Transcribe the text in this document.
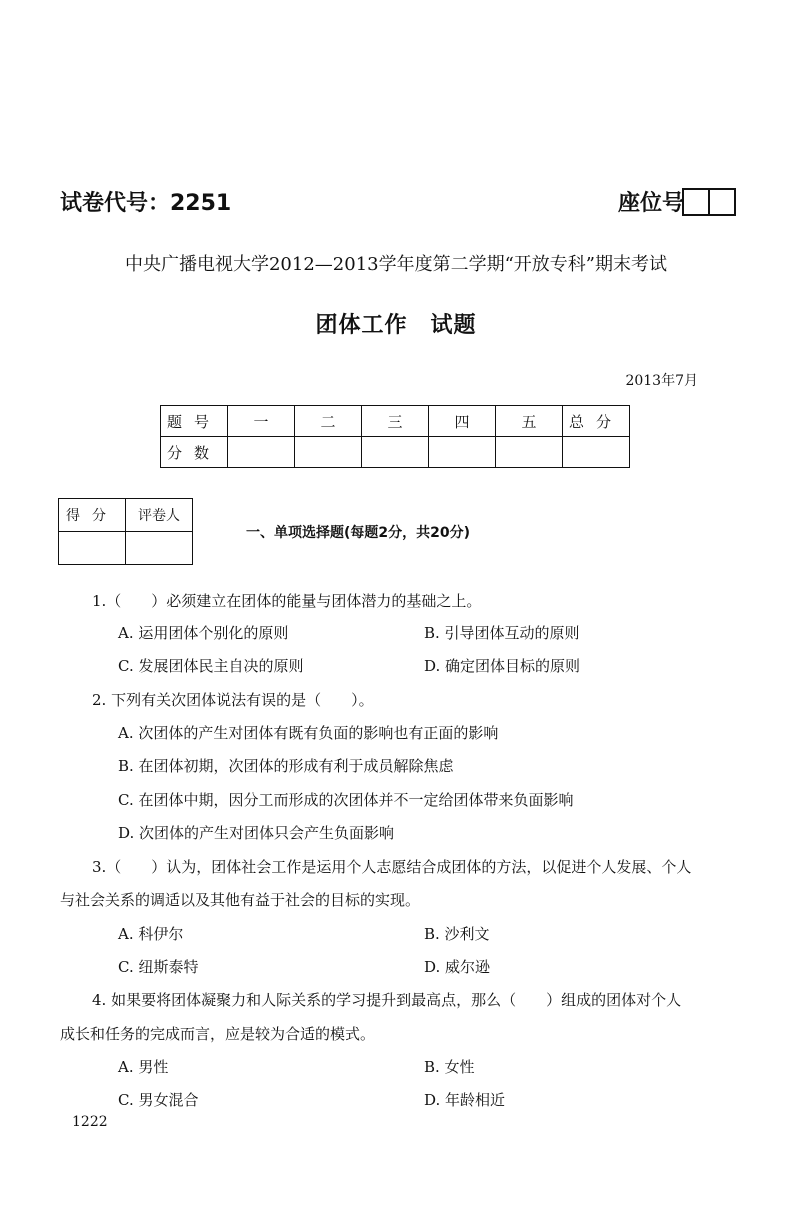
试卷代号：2251	座位号
中央广播电视大学2012—2013学年度第二学期“开放专科”期末考试
团体工作　试题
2013年7月
题号	一	二	三	四	五	总分
分数						
得分	评卷人

一、单项选择题(每题2分，共20分)
1.（　　）必须建立在团体的能量与团体潜力的基础之上。
A. 运用团体个别化的原则	B. 引导团体互动的原则
C. 发展团体民主自决的原则	D. 确定团体目标的原则
2. 下列有关次团体说法有误的是（　　）。
A. 次团体的产生对团体有既有负面的影响也有正面的影响
B. 在团体初期，次团体的形成有利于成员解除焦虑
C. 在团体中期，因分工而形成的次团体并不一定给团体带来负面影响
D. 次团体的产生对团体只会产生负面影响
3.（　　）认为，团体社会工作是运用个人志愿结合成团体的方法，以促进个人发展、个人
与社会关系的调适以及其他有益于社会的目标的实现。
A. 科伊尔	B. 沙利文
C. 纽斯泰特	D. 威尔逊
4. 如果要将团体凝聚力和人际关系的学习提升到最高点，那么（　　）组成的团体对个人
成长和任务的完成而言，应是较为合适的模式。
A. 男性	B. 女性
C. 男女混合	D. 年龄相近
1222
